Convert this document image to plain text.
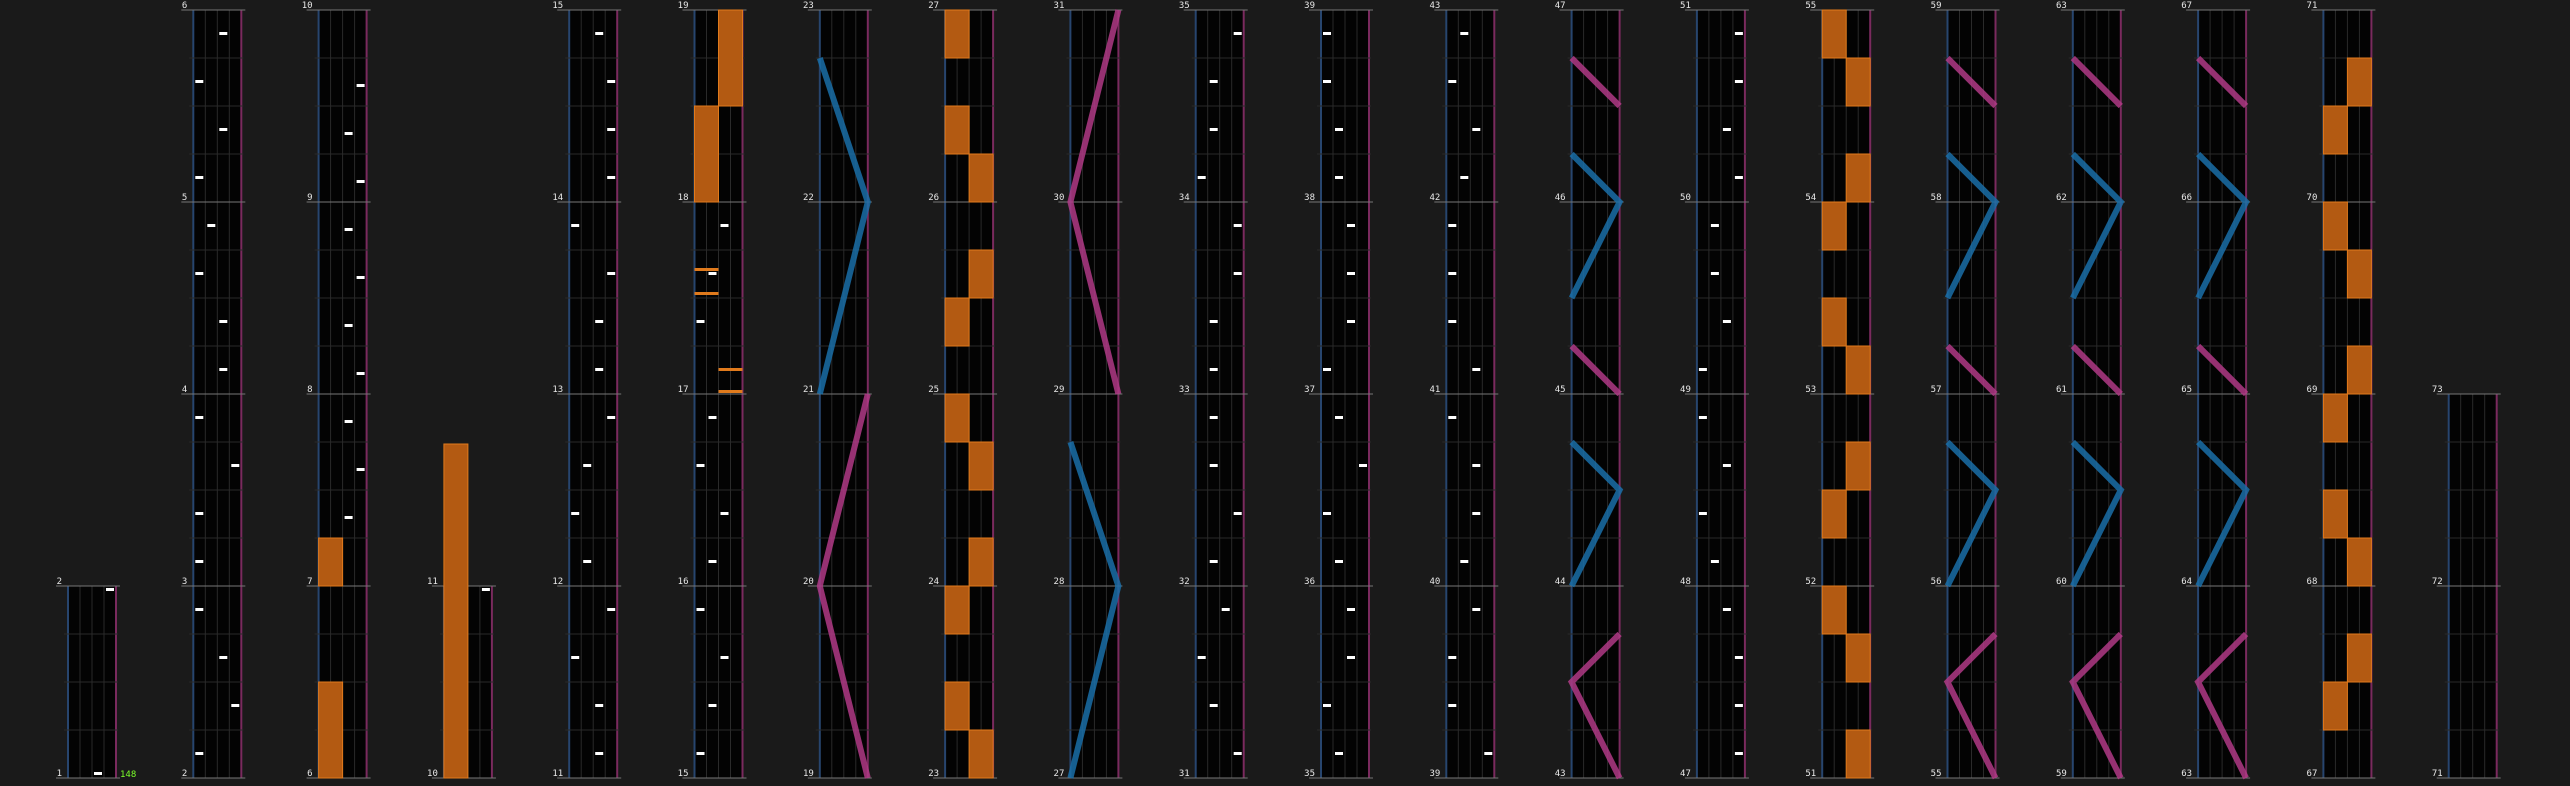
1
2
148	2
3
4
5
6
6
7
8
9
10
10
11
11
12
13
14
15
15
16
17
18
19
19
20
21
22
23
23
24
25
26
27
27
28
29
30
31
31
32
33
34
35
35
36
37
38
39
39
40
41
42
43
43
44
45
46
47
47
48
49
50
51
51
52
53
54
55
55
56
57
58
59
59
60
61
62
63
63
64
65
66
67
67
68
69
70
71
71
72
73
